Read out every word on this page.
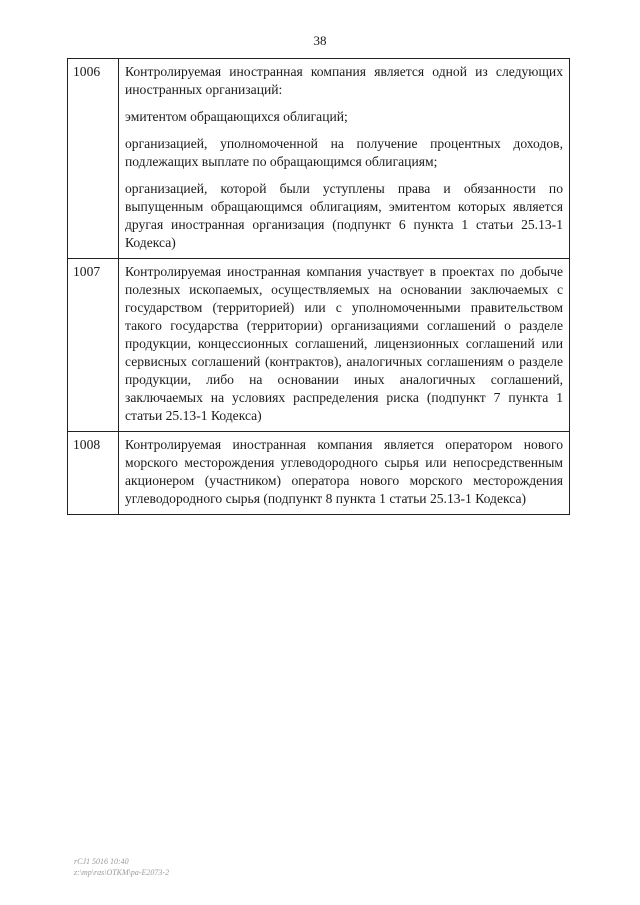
38
1006	Контролируемая иностранная компания является одной из следующих иностранных организаций:

эмитентом обращающихся облигаций;

организацией, уполномоченной на получение процентных доходов, подлежащих выплате по обращающимся облигациям;

организацией, которой были уступлены права и обязанности по выпущенным обращающимся облигациям, эмитентом которых является другая иностранная организация (подпункт 6 пункта 1 статьи 25.13-1 Кодекса)

1007	Контролируемая иностранная компания участвует в проектах по добыче полезных ископаемых, осуществляемых на основании заключаемых с государством (территорией) или с уполномоченными правительством такого государства (территории) организациями соглашений о разделе продукции, концессионных соглашений, лицензионных соглашений или сервисных соглашений (контрактов), аналогичных соглашениям о разделе продукции, либо на основании иных аналогичных соглашений, заключаемых на условиях распределения риска (подпункт 7 пункта 1 статьи 25.13-1 Кодекса)

1008	Контролируемая иностранная компания является оператором нового морского месторождения углеводородного сырья или непосредственным акционером (участником) оператора нового морского месторождения углеводородного сырья (подпункт 8 пункта 1 статьи 25.13-1 Кодекса)

rCJ1 5016 10:40
z:\mp\ras\ОТКМ\ра-Е2073-2
